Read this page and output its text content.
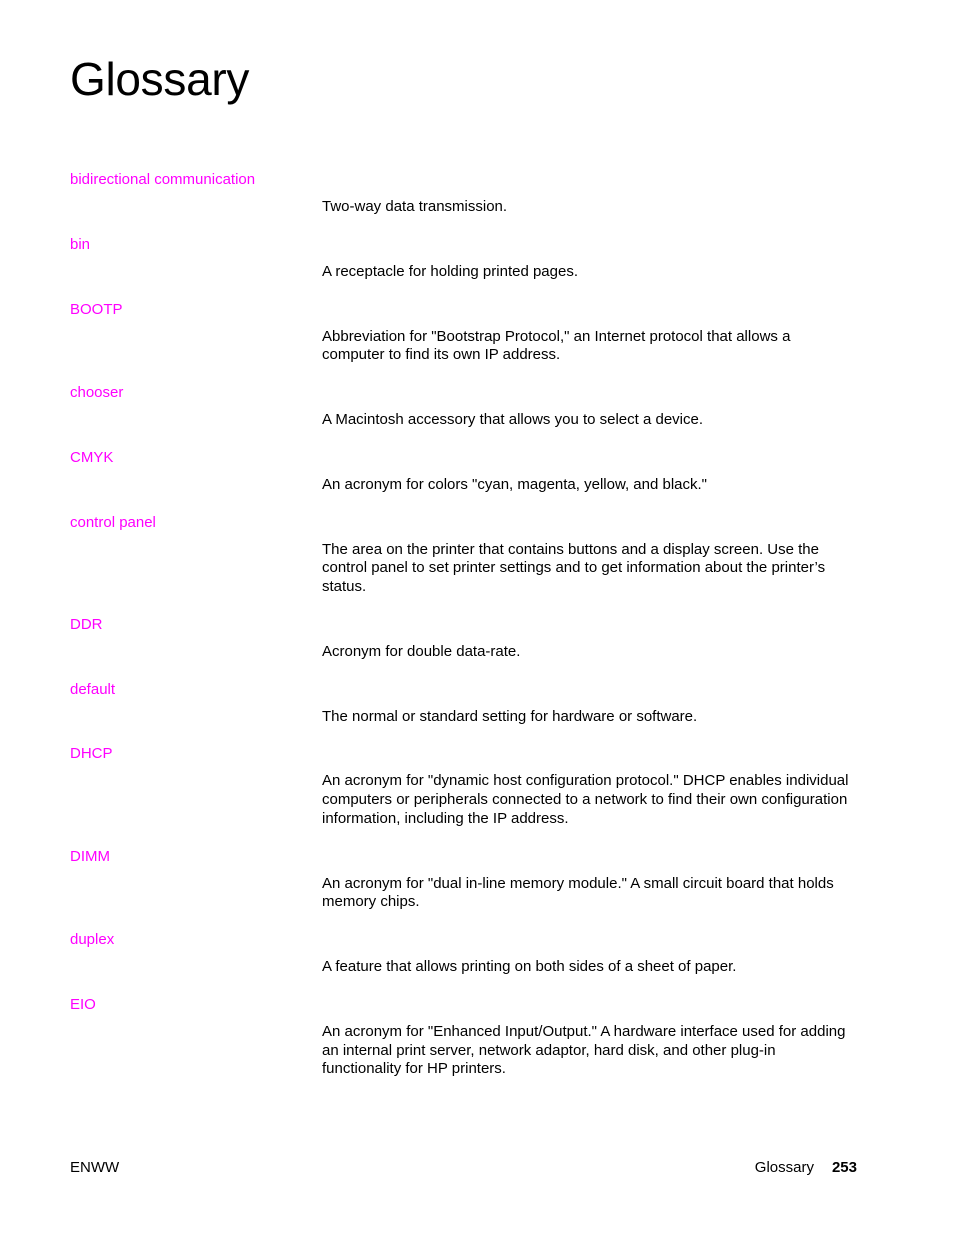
Glossary
bidirectional communication
Two-way data transmission.
bin
A receptacle for holding printed pages.
BOOTP
Abbreviation for "Bootstrap Protocol," an Internet protocol that allows a computer to find its own IP address.
chooser
A Macintosh accessory that allows you to select a device.
CMYK
An acronym for colors "cyan, magenta, yellow, and black."
control panel
The area on the printer that contains buttons and a display screen. Use the control panel to set printer settings and to get information about the printer’s status.
DDR
Acronym for double data-rate.
default
The normal or standard setting for hardware or software.
DHCP
An acronym for "dynamic host configuration protocol." DHCP enables individual computers or peripherals connected to a network to find their own configuration information, including the IP address.
DIMM
An acronym for "dual in-line memory module." A small circuit board that holds memory chips.
duplex
A feature that allows printing on both sides of a sheet of paper.
EIO
An acronym for "Enhanced Input/Output." A hardware interface used for adding an internal print server, network adaptor, hard disk, and other plug-in functionality for HP printers.
ENWW	Glossary 253
